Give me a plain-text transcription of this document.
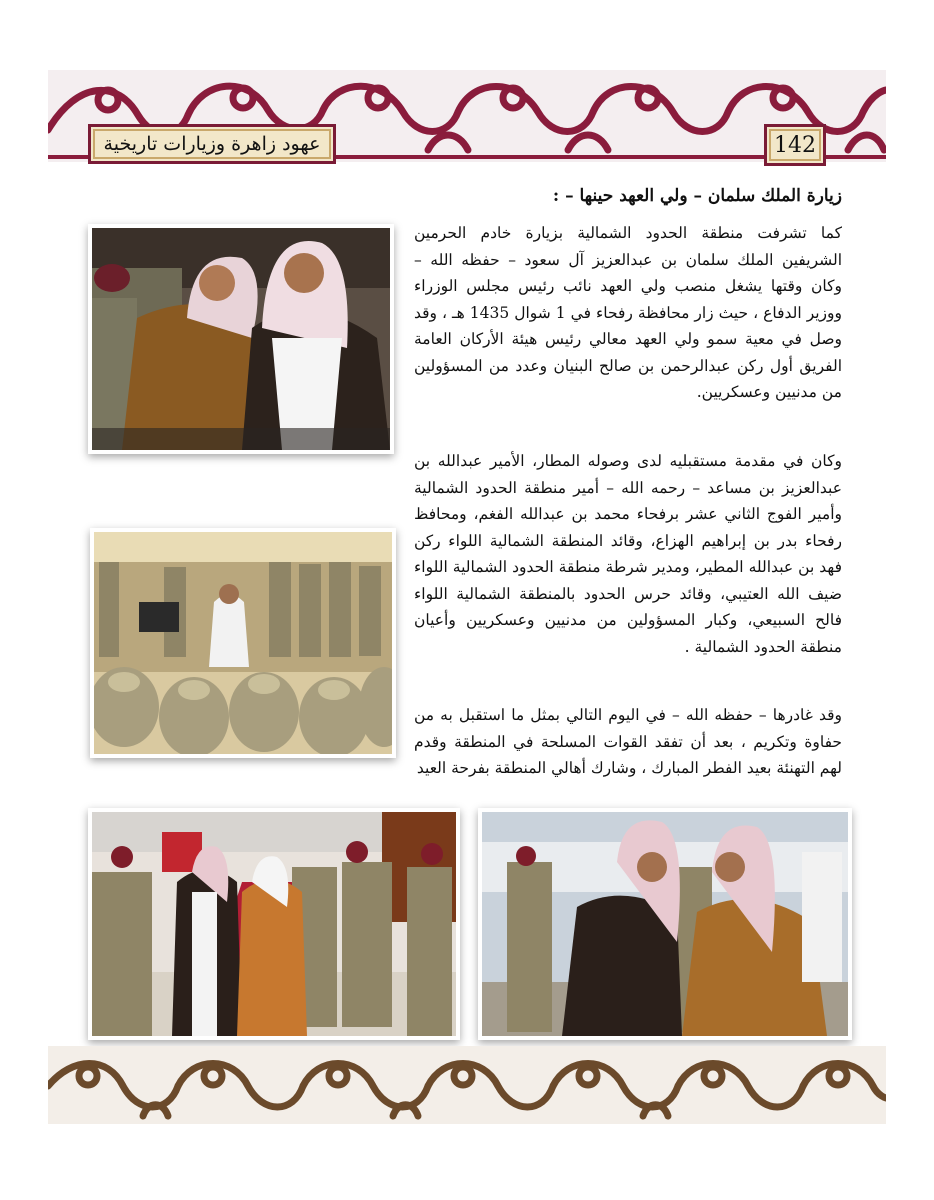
عهود زاهرة وزيارات تاريخية	142
زيارة الملك سلمان – ولي العهد حينها – :

كما تشرفت منطقة الحدود الشمالية بزيارة خادم الحرمين الشريفين الملك سلمان بن عبدالعزيز آل سعود – حفظه الله – وكان وقتها يشغل منصب ولي العهد نائب رئيس مجلس الوزراء ووزير الدفاع ، حيث زار محافظة رفحاء في 1 شوال 1435 هـ ، وقد وصل في معية سمو ولي العهد معالي رئيس هيئة الأركان العامة الفريق أول ركن عبدالرحمن بن صالح البنيان وعدد من المسؤولين من مدنيين وعسكريين.

وكان في مقدمة مستقبليه لدى وصوله المطار، الأمير عبدالله بن عبدالعزيز بن مساعد – رحمه الله – أمير منطقة الحدود الشمالية وأمير الفوج الثاني عشر برفحاء محمد بن عبدالله الفغم، ومحافظ رفحاء بدر بن إبراهيم الهزاع، وقائد المنطقة الشمالية اللواء ركن فهد بن عبدالله المطير، ومدير شرطة منطقة الحدود الشمالية اللواء ضيف الله العتيبي، وقائد حرس الحدود بالمنطقة الشمالية اللواء فالح السبيعي، وكبار المسؤولين من مدنيين وعسكريين وأعيان منطقة الحدود الشمالية .

وقد غادرها – حفظه الله – في اليوم التالي بمثل ما استقبل به من حفاوة وتكريم ، بعد أن تفقد القوات المسلحة في المنطقة وقدم لهم التهنئة بعيد الفطر المبارك ، وشارك أهالي المنطقة بفرحة العيد
